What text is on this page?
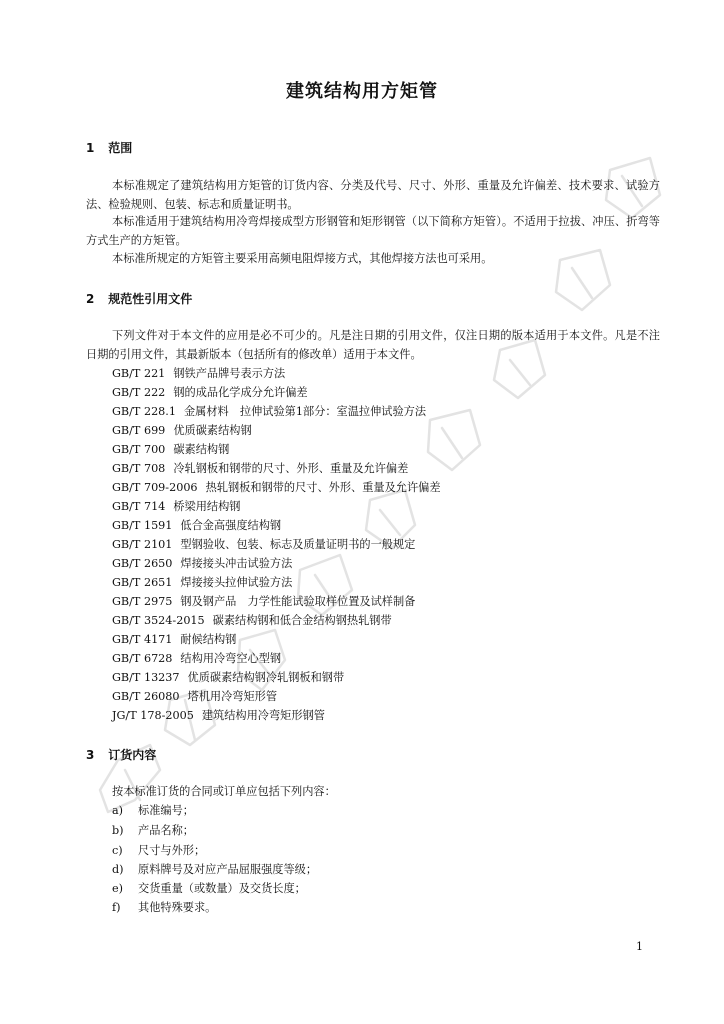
建筑结构用方矩管
1 范围

本标准规定了建筑结构用方矩管的订货内容、分类及代号、尺寸、外形、重量及允许偏差、技术要求、试验方法、检验规则、包装、标志和质量证明书。

本标准适用于建筑结构用冷弯焊接成型方形钢管和矩形钢管（以下简称方矩管）。不适用于拉拔、冲压、折弯等方式生产的方矩管。

本标准所规定的方矩管主要采用高频电阻焊接方式，其他焊接方法也可采用。

2 规范性引用文件

下列文件对于本文件的应用是必不可少的。凡是注日期的引用文件，仅注日期的版本适用于本文件。凡是不注日期的引用文件，其最新版本（包括所有的修改单）适用于本文件。

GB/T 221 钢铁产品牌号表示方法
GB/T 222 钢的成品化学成分允许偏差
GB/T 228.1 金属材料　拉伸试验第1部分：室温拉伸试验方法
GB/T 699 优质碳素结构钢
GB/T 700 碳素结构钢
GB/T 708 冷轧钢板和钢带的尺寸、外形、重量及允许偏差
GB/T 709-2006 热轧钢板和钢带的尺寸、外形、重量及允许偏差
GB/T 714 桥梁用结构钢
GB/T 1591 低合金高强度结构钢
GB/T 2101 型钢验收、包装、标志及质量证明书的一般规定
GB/T 2650 焊接接头冲击试验方法
GB/T 2651 焊接接头拉伸试验方法
GB/T 2975 钢及钢产品　力学性能试验取样位置及试样制备
GB/T 3524-2015 碳素结构钢和低合金结构钢热轧钢带
GB/T 4171 耐候结构钢
GB/T 6728 结构用冷弯空心型钢
GB/T 13237 优质碳素结构钢冷轧钢板和钢带
GB/T 26080 塔机用冷弯矩形管
JG/T 178-2005 建筑结构用冷弯矩形钢管
3 订货内容

按本标准订货的合同或订单应包括下列内容：

a) 标准编号；
b) 产品名称；
c) 尺寸与外形；
d) 原料牌号及对应产品屈服强度等级；
e) 交货重量（或数量）及交货长度；
f) 其他特殊要求。
1
